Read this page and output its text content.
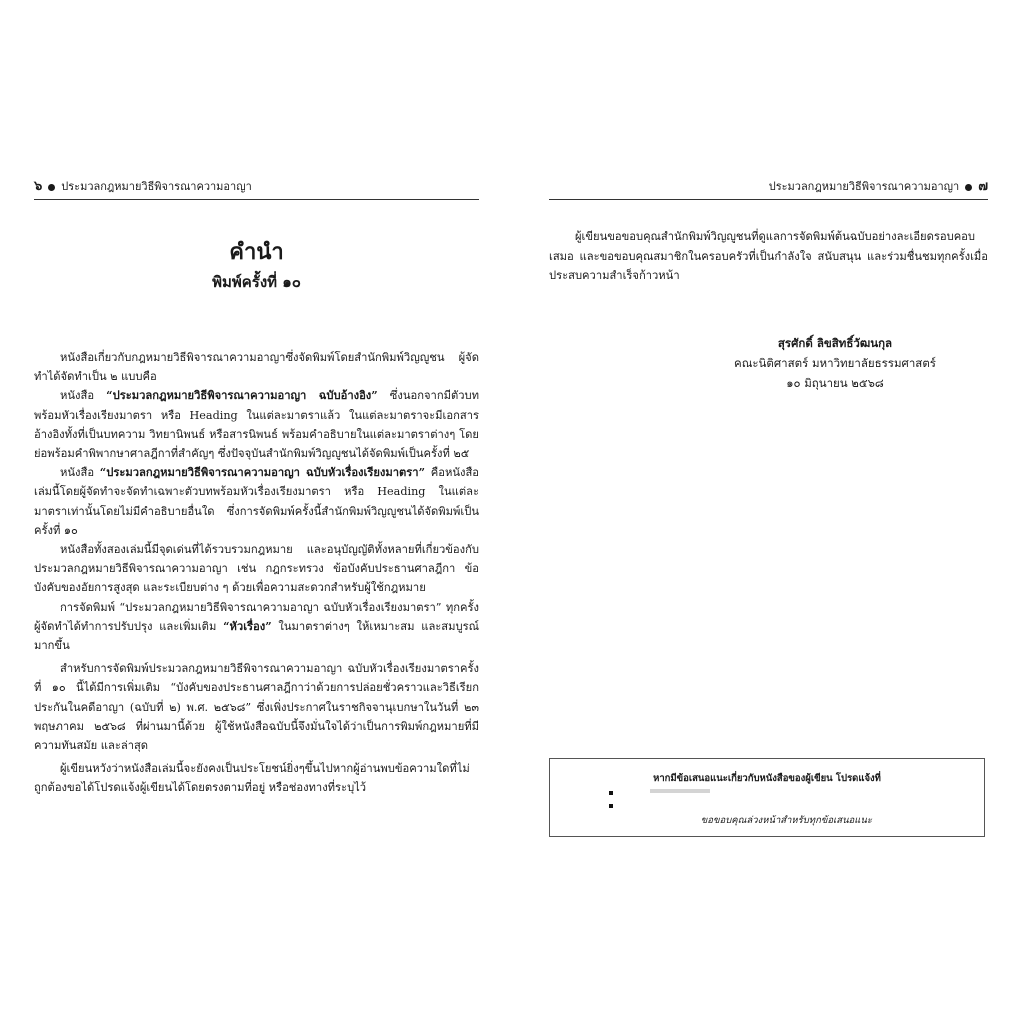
๖ ประมวลกฎหมายวิธีพิจารณาความอาญา
คำนำ
พิมพ์ครั้งที่ ๑๐

หนังสือเกี่ยวกับกฎหมายวิธีพิจารณาความอาญาซึ่งจัดพิมพ์โดยสำนักพิมพ์วิญญูชน ผู้จัดทำได้จัดทำเป็น ๒ แบบคือ

หนังสือ “ประมวลกฎหมายวิธีพิจารณาความอาญา ฉบับอ้างอิง” ซึ่งนอกจากมีตัวบทพร้อมหัวเรื่องเรียงมาตรา หรือ Heading ในแต่ละมาตราแล้ว ในแต่ละมาตราจะมีเอกสารอ้างอิงทั้งที่เป็นบทความ วิทยานิพนธ์ หรือสารนิพนธ์ พร้อมคำอธิบายในแต่ละมาตราต่างๆ โดยย่อพร้อมคำพิพากษาศาลฎีกาที่สำคัญๆ ซึ่งปัจจุบันสำนักพิมพ์วิญญูชนได้จัดพิมพ์เป็นครั้งที่ ๒๕

หนังสือ “ประมวลกฎหมายวิธีพิจารณาความอาญา ฉบับหัวเรื่องเรียงมาตรา” คือหนังสือเล่มนี้โดยผู้จัดทำจะจัดทำเฉพาะตัวบทพร้อมหัวเรื่องเรียงมาตรา หรือ Heading ในแต่ละมาตราเท่านั้นโดยไม่มีคำอธิบายอื่นใด ซึ่งการจัดพิมพ์ครั้งนี้สำนักพิมพ์วิญญูชนได้จัดพิมพ์เป็นครั้งที่ ๑๐

หนังสือทั้งสองเล่มนี้มีจุดเด่นที่ได้รวบรวมกฎหมาย และอนุบัญญัติทั้งหลายที่เกี่ยวข้องกับประมวลกฎหมายวิธีพิจารณาความอาญา เช่น กฎกระทรวง ข้อบังคับประธานศาลฎีกา ข้อบังคับของอัยการสูงสุด และระเบียบต่าง ๆ ด้วยเพื่อความสะดวกสำหรับผู้ใช้กฎหมาย

การจัดพิมพ์ “ประมวลกฎหมายวิธีพิจารณาความอาญา ฉบับหัวเรื่องเรียงมาตรา” ทุกครั้งผู้จัดทำได้ทำการปรับปรุง และเพิ่มเติม “หัวเรื่อง” ในมาตราต่างๆ ให้เหมาะสม และสมบูรณ์มากขึ้น

สำหรับการจัดพิมพ์ประมวลกฎหมายวิธีพิจารณาความอาญา ฉบับหัวเรื่องเรียงมาตราครั้งที่ ๑๐ นี้ได้มีการเพิ่มเติม “บังคับของประธานศาลฎีกาว่าด้วยการปล่อยชั่วคราวและวิธีเรียกประกันในคดีอาญา (ฉบับที่ ๒) พ.ศ. ๒๕๖๘” ซึ่งเพิ่งประกาศในราชกิจจานุเบกษาในวันที่ ๒๓ พฤษภาคม ๒๕๖๘ ที่ผ่านมานี้ด้วย ผู้ใช้หนังสือฉบับนี้จึงมั่นใจได้ว่าเป็นการพิมพ์กฎหมายที่มีความทันสมัย และล่าสุด

ผู้เขียนหวังว่าหนังสือเล่มนี้จะยังคงเป็นประโยชน์ยิ่งๆขึ้นไปหากผู้อ่านพบข้อความใดที่ไม่ถูกต้องขอได้โปรดแจ้งผู้เขียนได้โดยตรงตามที่อยู่ หรือช่องทางที่ระบุไว้

ประมวลกฎหมายวิธีพิจารณาความอาญา ๗

ผู้เขียนขอขอบคุณสำนักพิมพ์วิญญูชนที่ดูแลการจัดพิมพ์ต้นฉบับอย่างละเอียดรอบคอบเสมอ และขอขอบคุณสมาชิกในครอบครัวที่เป็นกำลังใจ สนับสนุน และร่วมชื่นชมทุกครั้งเมื่อประสบความสำเร็จก้าวหน้า

สุรศักดิ์ ลิขสิทธิ์วัฒนกุล
คณะนิติศาสตร์ มหาวิทยาลัยธรรมศาสตร์
๑๐ มิถุนายน ๒๕๖๘
หากมีข้อเสนอแนะเกี่ยวกับหนังสือของผู้เขียน โปรดแจ้งที่
ขอขอบคุณล่วงหน้าสำหรับทุกข้อเสนอแนะ
